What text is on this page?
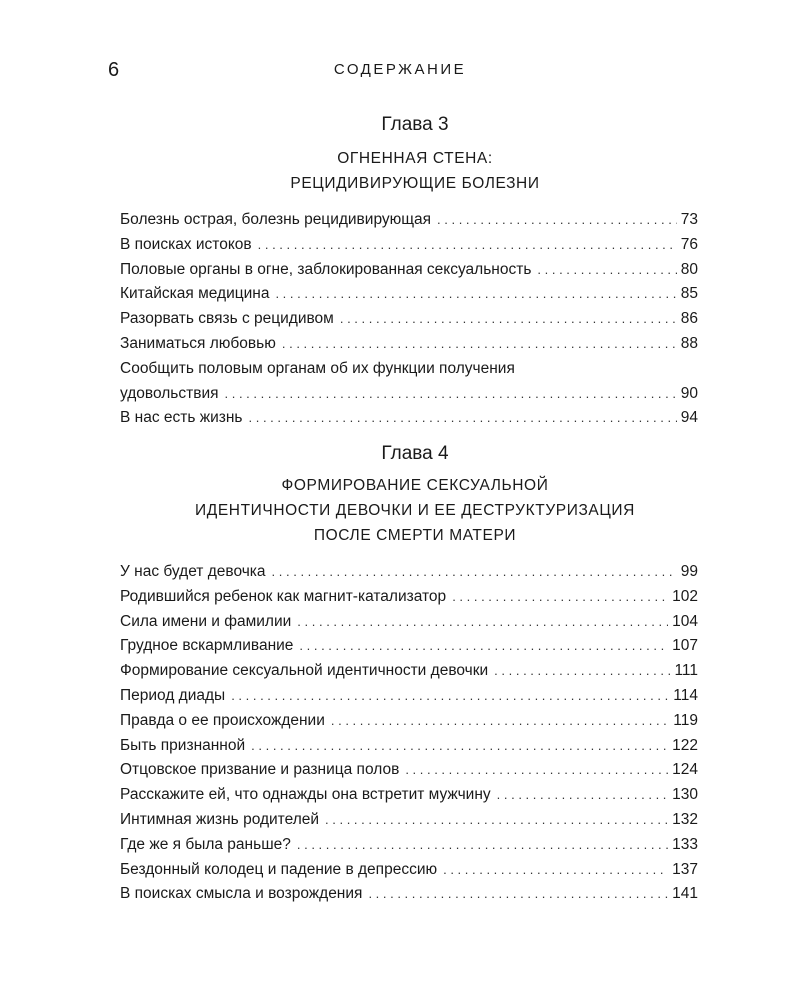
6	СОДЕРЖАНИЕ
Глава 3
ОГНЕННАЯ СТЕНА:
РЕЦИДИВИРУЮЩИЕ БОЛЕЗНИ
Болезнь острая, болезнь рецидивирующая . . .	73
В поисках истоков . . .	76
Половые органы в огне, заблокированная сексуальность . . .	80
Китайская медицина . . .	85
Разорвать связь с рецидивом . . .	86
Заниматься любовью . . .	88
Сообщить половым органам об их функции получения
удовольствия . . .	90
В нас есть жизнь . . .	94
Глава 4
ФОРМИРОВАНИЕ СЕКСУАЛЬНОЙ
ИДЕНТИЧНОСТИ ДЕВОЧКИ И ЕЕ ДЕСТРУКТУРИЗАЦИЯ
ПОСЛЕ СМЕРТИ МАТЕРИ
У нас будет девочка . . .	99
Родившийся ребенок как магнит-катализатор . . .	102
Сила имени и фамилии . . .	104
Грудное вскармливание . . .	107
Формирование сексуальной идентичности девочки . . .	111
Период диады . . .	114
Правда о ее происхождении . . .	119
Быть признанной . . .	122
Отцовское призвание и разница полов . . .	124
Расскажите ей, что однажды она встретит мужчину . . .	130
Интимная жизнь родителей . . .	132
Где же я была раньше? . . .	133
Бездонный колодец и падение в депрессию . . .	137
В поисках смысла и возрождения . . .	141
